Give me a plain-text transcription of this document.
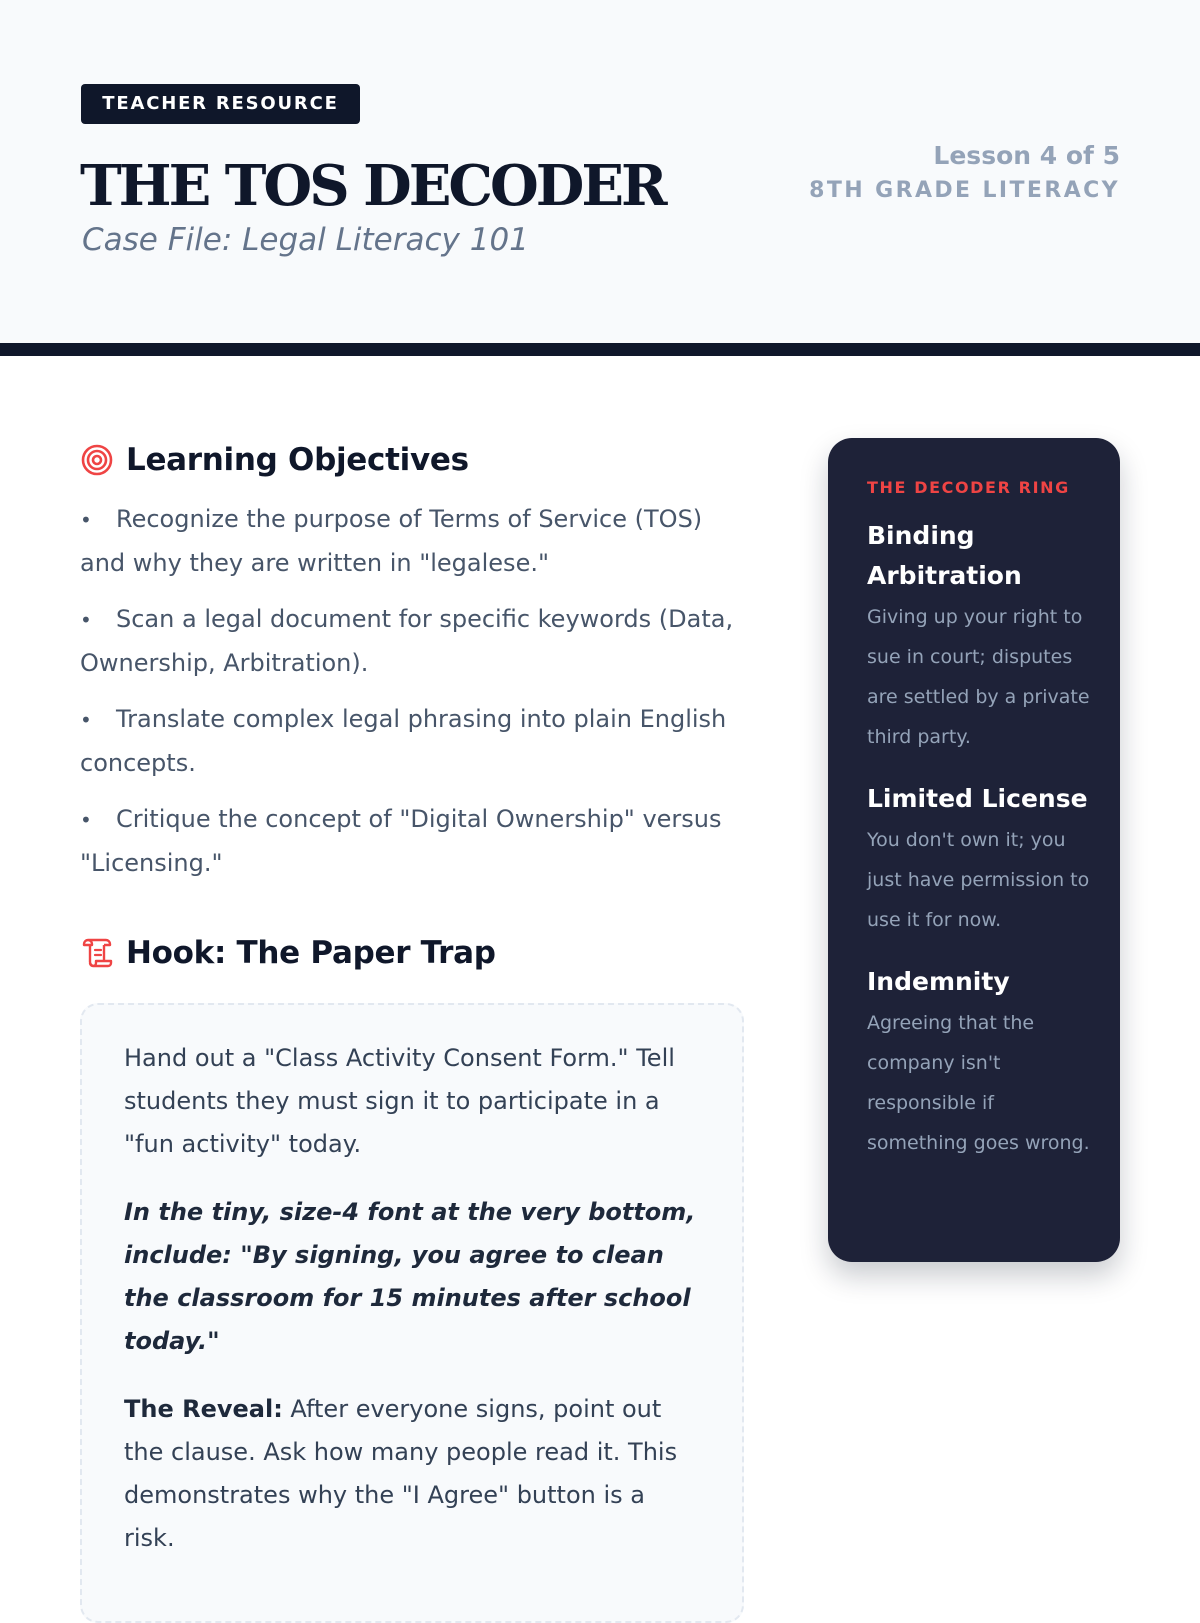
TEACHER RESOURCE
THE TOS DECODER
Case File: Legal Literacy 101
Lesson 4 of 5
8TH GRADE LITERACY
Learning Objectives
• Recognize the purpose of Terms of Service (TOS) and why they are written in "legalese."
• Scan a legal document for specific keywords (Data, Ownership, Arbitration).
• Translate complex legal phrasing into plain English concepts.
• Critique the concept of "Digital Ownership" versus "Licensing."
Hook: The Paper Trap

Hand out a "Class Activity Consent Form." Tell students they must sign it to participate in a "fun activity" today.

In the tiny, size-4 font at the very bottom, include: "By signing, you agree to clean the classroom for 15 minutes after school today."

The Reveal: After everyone signs, point out the clause. Ask how many people read it. This demonstrates why the "I Agree" button is a risk.

THE DECODER RING
Binding Arbitration
Giving up your right to sue in court; disputes are settled by a private third party.
Limited License
You don't own it; you just have permission to use it for now.
Indemnity
Agreeing that the company isn't responsible if something goes wrong.
